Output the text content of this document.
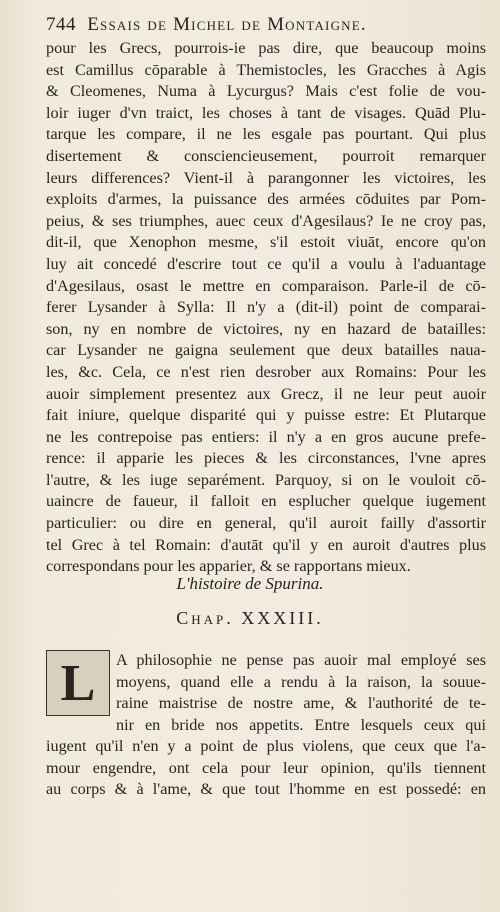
744 Essais de Michel de Montaigne.
pour les Grecs, pourrois-ie pas dire, que beaucoup moins
est Camillus cōparable à Themistocles, les Gracches à Agis
& Cleomenes, Numa à Lycurgus? Mais c'est folie de vou-
loir iuger d'vn traict, les choses à tant de visages. Quād Plu-
tarque les compare, il ne les esgale pas pourtant. Qui plus
disertement & consciencieusement, pourroit remarquer
leurs differences? Vient-il à parangonner les victoires, les
exploits d'armes, la puissance des armées cōduites par Pom-
peius, & ses triumphes, auec ceux d'Agesilaus? Ie ne croy pas,
dit-il, que Xenophon mesme, s'il estoit viuāt, encore qu'on
luy ait concedé d'escrire tout ce qu'il a voulu à l'aduantage
d'Agesilaus, osast le mettre en comparaison. Parle-il de cō-
ferer Lysander à Sylla: Il n'y a (dit-il) point de comparai-
son, ny en nombre de victoires, ny en hazard de batailles:
car Lysander ne gaigna seulement que deux batailles naua-
les, &c. Cela, ce n'est rien desrober aux Romains: Pour les
auoir simplement presentez aux Grecz, il ne leur peut auoir
fait iniure, quelque disparité qui y puisse estre: Et Plutarque
ne les contrepoise pas entiers: il n'y a en gros aucune prefe-
rence: il apparie les pieces & les circonstances, l'vne apres
l'autre, & les iuge separément. Parquoy, si on le vouloit cō-
uaincre de faueur, il falloit en esplucher quelque iugement
particulier: ou dire en general, qu'il auroit failly d'assortir
tel Grec à tel Romain: d'autāt qu'il y en auroit d'autres plus
correspondans pour les apparier, & se rapportans mieux.
L'histoire de Spurina.
Chap. XXXIII.
L	A philosophie ne pense pas auoir mal employé ses
moyens, quand elle a rendu à la raison, la souue-
raine maistrise de nostre ame, & l'authorité de te-
nir en bride nos appetits. Entre lesquels ceux qui
iugent qu'il n'en y a point de plus violens, que ceux que l'a-
mour engendre, ont cela pour leur opinion, qu'ils tiennent
au corps & à l'ame, & que tout l'homme en est possedé: en
